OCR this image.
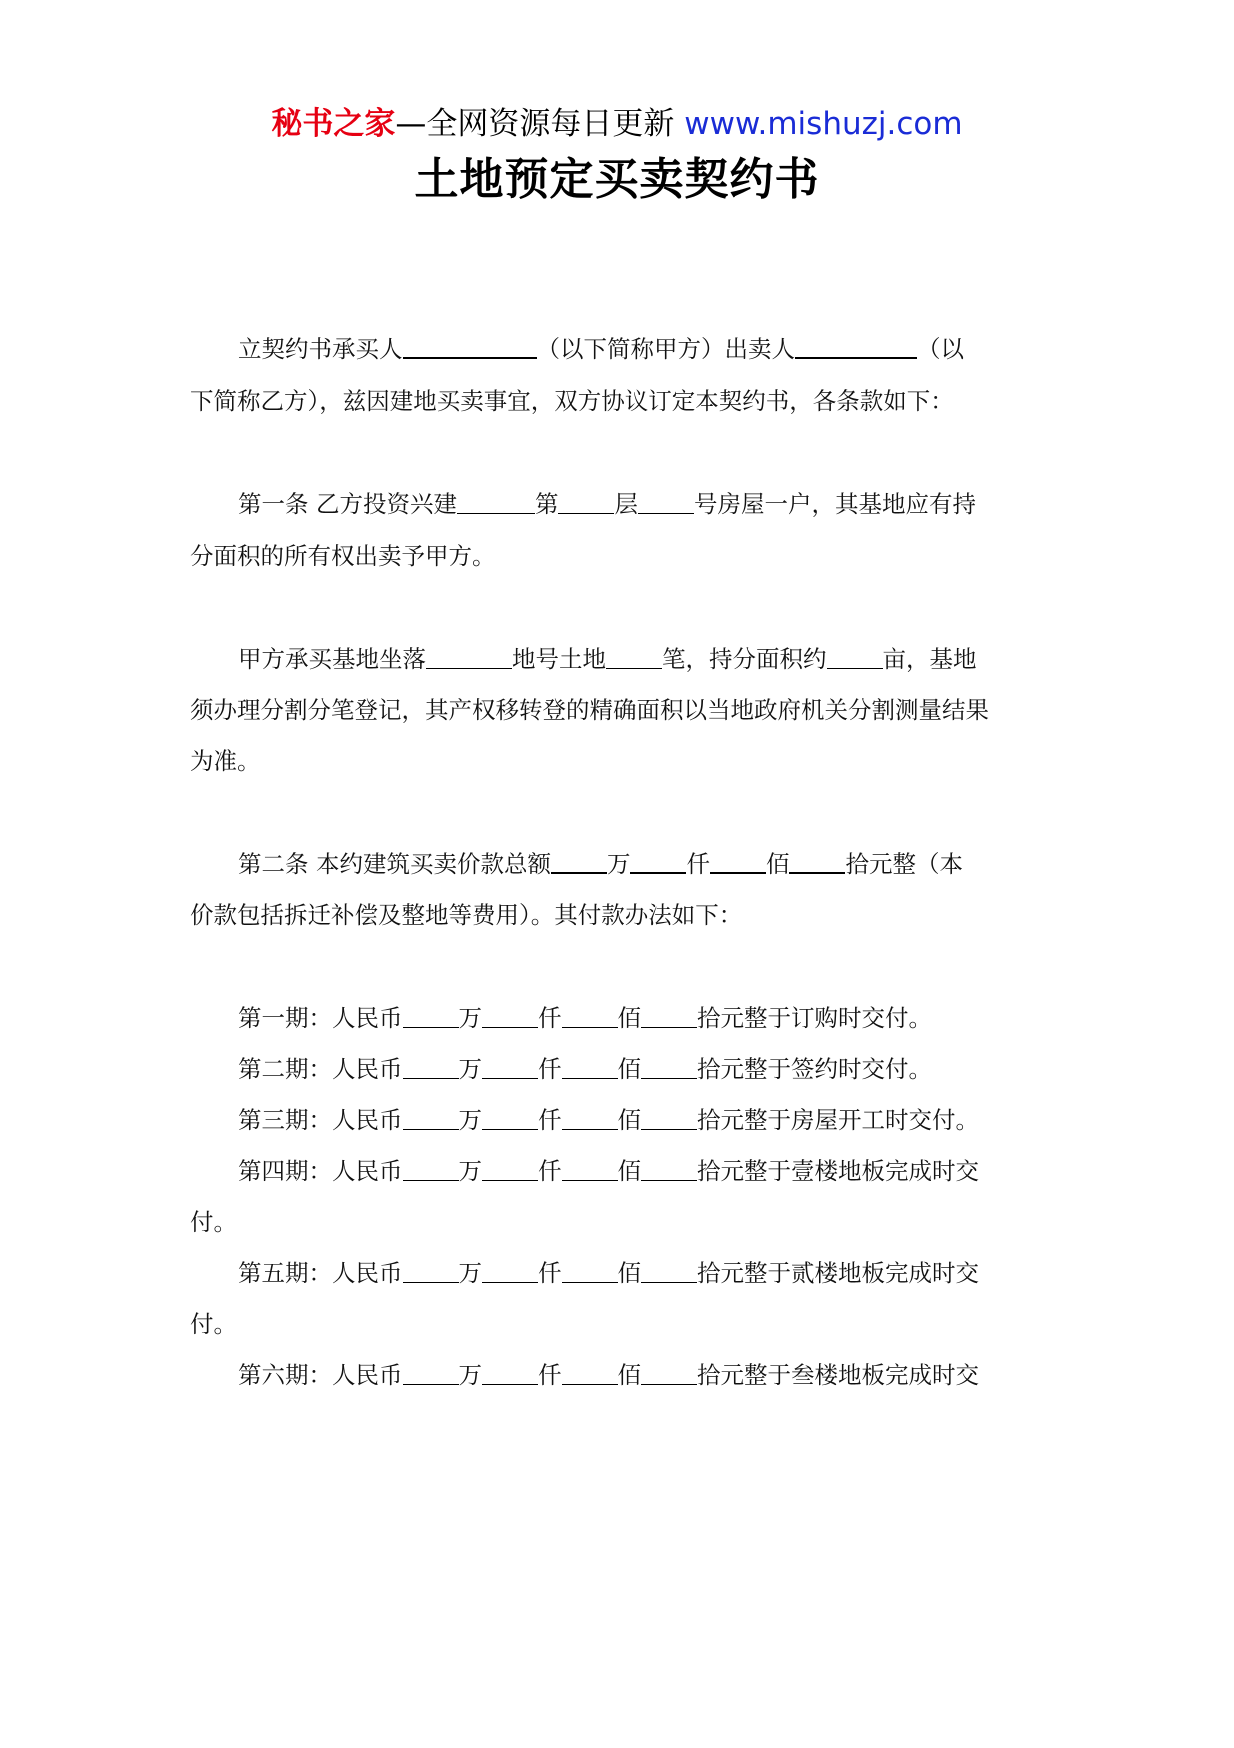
秘书之家—全网资源每日更新 www.mishuzj.com
土地预定买卖契约书
立契约书承买人	（以下简称甲方）出卖人	（以
下简称乙方），兹因建地买卖事宜，双方协议订定本契约书，各条款如下：
第一条 乙方投资兴建	第 层 号房屋一户，其基地应有持
分面积的所有权出卖予甲方。
甲方承买基地坐落	地号土地 笔，持分面积约 亩，基地
须办理分割分笔登记，其产权移转登的精确面积以当地政府机关分割测量结果
为准。
第二条 本约建筑买卖价款总额 万 仟 佰 拾元整（本
价款包括拆迁补偿及整地等费用）。其付款办法如下：
第一期：人民币 万 仟 佰 拾元整于订购时交付。
第二期：人民币 万 仟 佰 拾元整于签约时交付。
第三期：人民币 万 仟 佰 拾元整于房屋开工时交付。
第四期：人民币 万 仟 佰 拾元整于壹楼地板完成时交
付。
第五期：人民币 万 仟 佰 拾元整于贰楼地板完成时交
付。
第六期：人民币 万 仟 佰 拾元整于叁楼地板完成时交
